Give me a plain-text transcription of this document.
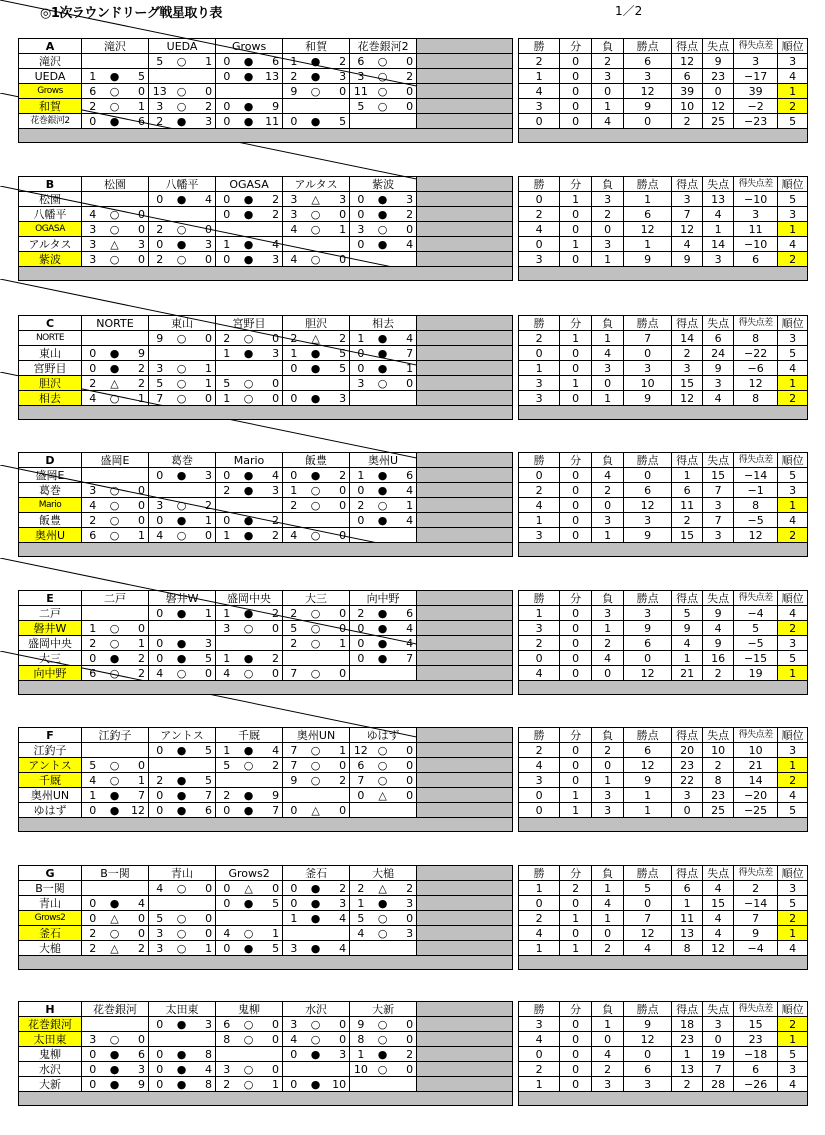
◎1次ラウンドリーグ戦星取り表	1／2
A	滝沢			UEDA			Grows			和賀			花巻銀河2					勝	分	負	勝点	得点	失点	得失点差	順位
滝沢				5	○	1	0	●	6	1	●	2	6	○	0			2	0	2	6	12	9	3	3
UEDA	1	●	5				0	●	13	2	●	3	3	○	2			1	0	3	3	6	23	−17	4
Grows	6	○	0	13	○	0				9	○	0	11	○	0			4	0	0	12	39	0	39	1
和賀	2	○	1	3	○	2	0	●	9				5	○	0			3	0	1	9	10	12	−2	2
花巻銀河2	0	●	6	2	●	3	0	●	11	0	●	5						0	0	4	0	2	25	−23	5

B	松園			八幡平			OGASA			アルタス			紫波					勝	分	負	勝点	得点	失点	得失点差	順位
松園				0	●	4	0	●	2	3	△	3	0	●	3			0	1	3	1	3	13	−10	5
八幡平	4	○	0				0	●	2	3	○	0	0	●	2			2	0	2	6	7	4	3	3
OGASA	3	○	0	2	○	0				4	○	1	3	○	0			4	0	0	12	12	1	11	1
アルタス	3	△	3	0	●	3	1	●	4				0	●	4			0	1	3	1	4	14	−10	4
紫波	3	○	0	2	○	0	0	●	3	4	○	0						3	0	1	9	9	3	6	2

C	NORTE			東山			宮野目			胆沢			相去					勝	分	負	勝点	得点	失点	得失点差	順位
NORTE				9	○	0	2	○	0	2	△	2	1	●	4			2	1	1	7	14	6	8	3
東山	0	●	9				1	●	3	1	●	5	0	●	7			0	0	4	0	2	24	−22	5
宮野目	0	●	2	3	○	1				0	●	5	0	●	1			1	0	3	3	3	9	−6	4
胆沢	2	△	2	5	○	1	5	○	0				3	○	0			3	1	0	10	15	3	12	1
相去	4	○	1	7	○	0	1	○	0	0	●	3						3	0	1	9	12	4	8	2

D	盛岡E			葛巻			Mario			飯豊			奥州U					勝	分	負	勝点	得点	失点	得失点差	順位
盛岡E				0	●	3	0	●	4	0	●	2	1	●	6			0	0	4	0	1	15	−14	5
葛巻	3	○	0				2	●	3	1	○	0	0	●	4			2	0	2	6	6	7	−1	3
Mario	4	○	0	3	○	2				2	○	0	2	○	1			4	0	0	12	11	3	8	1
飯豊	2	○	0	0	●	1	0	●	2				0	●	4			1	0	3	3	2	7	−5	4
奥州U	6	○	1	4	○	0	1	●	2	4	○	0						3	0	1	9	15	3	12	2

E	二戸			磐井W			盛岡中央			大三			向中野					勝	分	負	勝点	得点	失点	得失点差	順位
二戸				0	●	1	1	●	2	2	○	0	2	●	6			1	0	3	3	5	9	−4	4
磐井W	1	○	0				3	○	0	5	○	0	0	●	4			3	0	1	9	9	4	5	2
盛岡中央	2	○	1	0	●	3				2	○	1	0	●	4			2	0	2	6	4	9	−5	3
大三	0	●	2	0	●	5	1	●	2				0	●	7			0	0	4	0	1	16	−15	5
向中野	6	○	2	4	○	0	4	○	0	7	○	0						4	0	0	12	21	2	19	1

F	江釣子			アントス			千厩			奥州UN			ゆはず					勝	分	負	勝点	得点	失点	得失点差	順位
江釣子				0	●	5	1	●	4	7	○	1	12	○	0			2	0	2	6	20	10	10	3
アントス	5	○	0				5	○	2	7	○	0	6	○	0			4	0	0	12	23	2	21	1
千厩	4	○	1	2	●	5				9	○	2	7	○	0			3	0	1	9	22	8	14	2
奥州UN	1	●	7	0	●	7	2	●	9				0	△	0			0	1	3	1	3	23	−20	4
ゆはず	0	●	12	0	●	6	0	●	7	0	△	0						0	1	3	1	0	25	−25	5

G	B一関			青山			Grows2			釜石			大槌					勝	分	負	勝点	得点	失点	得失点差	順位
B一関				4	○	0	0	△	0	0	●	2	2	△	2			1	2	1	5	6	4	2	3
青山	0	●	4				0	●	5	0	●	3	1	●	3			0	0	4	0	1	15	−14	5
Grows2	0	△	0	5	○	0				1	●	4	5	○	0			2	1	1	7	11	4	7	2
釜石	2	○	0	3	○	0	4	○	1				4	○	3			4	0	0	12	13	4	9	1
大槌	2	△	2	3	○	1	0	●	5	3	●	4						1	1	2	4	8	12	−4	4

H	花巻銀河			太田東			鬼柳			水沢			大新					勝	分	負	勝点	得点	失点	得失点差	順位
花巻銀河				0	●	3	6	○	0	3	○	0	9	○	0			3	0	1	9	18	3	15	2
太田東	3	○	0				8	○	0	4	○	0	8	○	0			4	0	0	12	23	0	23	1
鬼柳	0	●	6	0	●	8				0	●	3	1	●	2			0	0	4	0	1	19	−18	5
水沢	0	●	3	0	●	4	3	○	0				10	○	0			2	0	2	6	13	7	6	3
大新	0	●	9	0	●	8	2	○	1	0	●	10						1	0	3	3	2	28	−26	4
